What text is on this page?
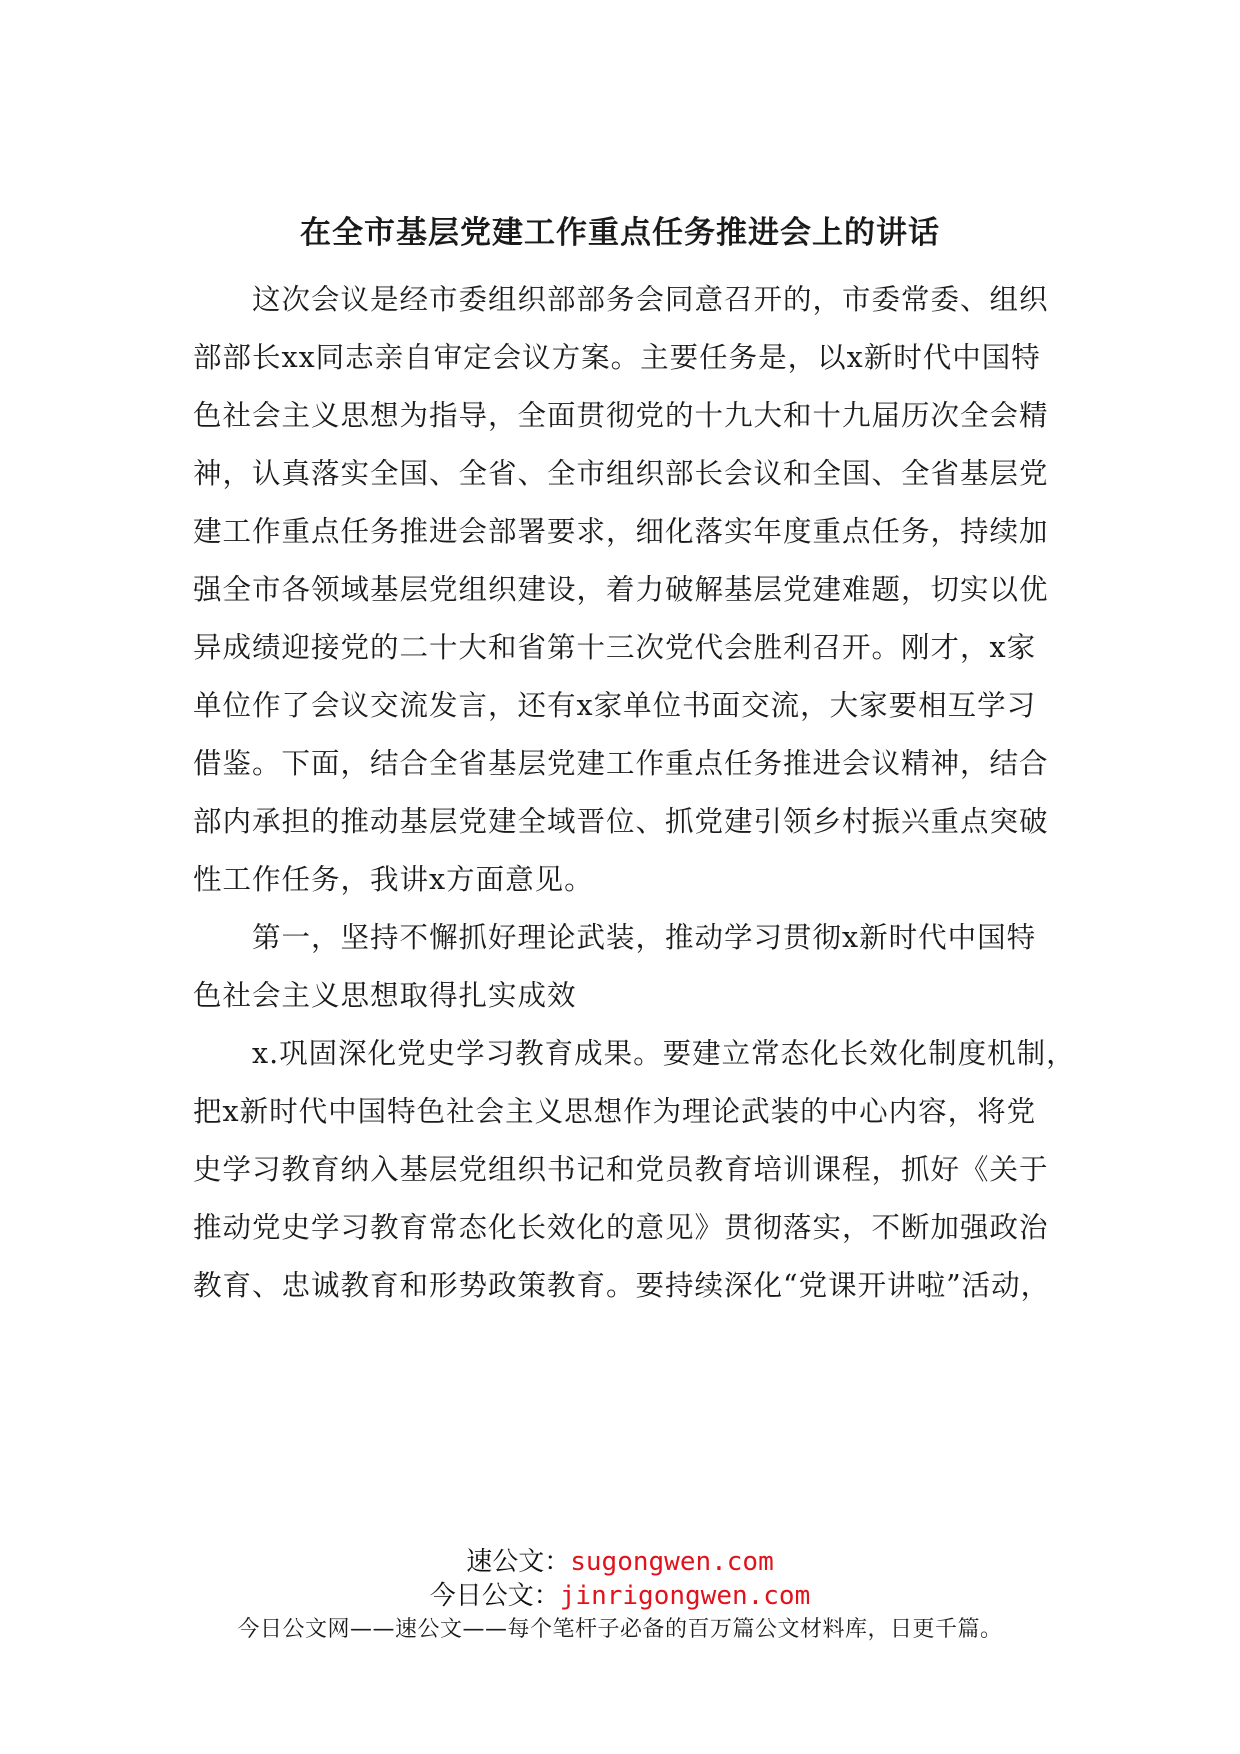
在全市基层党建工作重点任务推进会上的讲话
　　这次会议是经市委组织部部务会同意召开的，市委常委、组织
部部长xx同志亲自审定会议方案。主要任务是，以x新时代中国特
色社会主义思想为指导，全面贯彻党的十九大和十九届历次全会精
神，认真落实全国、全省、全市组织部长会议和全国、全省基层党
建工作重点任务推进会部署要求，细化落实年度重点任务，持续加
强全市各领域基层党组织建设，着力破解基层党建难题，切实以优
异成绩迎接党的二十大和省第十三次党代会胜利召开。刚才，x家
单位作了会议交流发言，还有x家单位书面交流，大家要相互学习
借鉴。下面，结合全省基层党建工作重点任务推进会议精神，结合
部内承担的推动基层党建全域晋位、抓党建引领乡村振兴重点突破
性工作任务，我讲x方面意见。
　　第一，坚持不懈抓好理论武装，推动学习贯彻x新时代中国特
色社会主义思想取得扎实成效
　　x.巩固深化党史学习教育成果。要建立常态化长效化制度机制，
把x新时代中国特色社会主义思想作为理论武装的中心内容，将党
史学习教育纳入基层党组织书记和党员教育培训课程，抓好《关于
推动党史学习教育常态化长效化的意见》贯彻落实，不断加强政治
教育、忠诚教育和形势政策教育。要持续深化“党课开讲啦”活动，
速公文：sugongwen.com
今日公文：jinrigongwen.com
今日公文网——速公文——每个笔杆子必备的百万篇公文材料库，日更千篇。
